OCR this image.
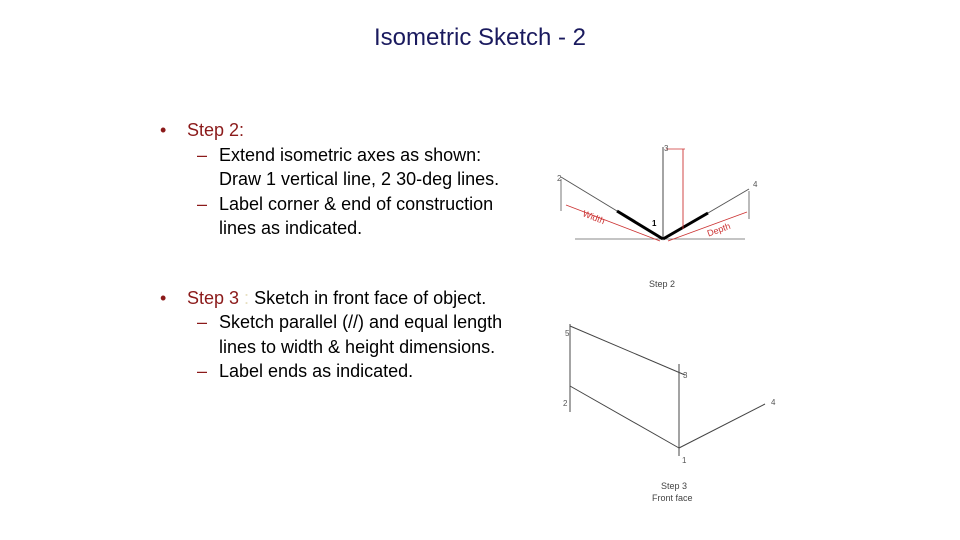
Isometric Sketch - 2
• Step 2:
– Extend isometric axes as shown: Draw 1 vertical line, 2 30-deg lines.
– Label corner & end of construction lines as indicated.
• Step 3 : Sketch in front face of object.
– Sketch parallel (//) and equal length lines to width & height dimensions.
– Label ends as indicated.
3
2
4
1
Width
Depth
Step 2
5
3
2	4
1
Step 3
Front face
